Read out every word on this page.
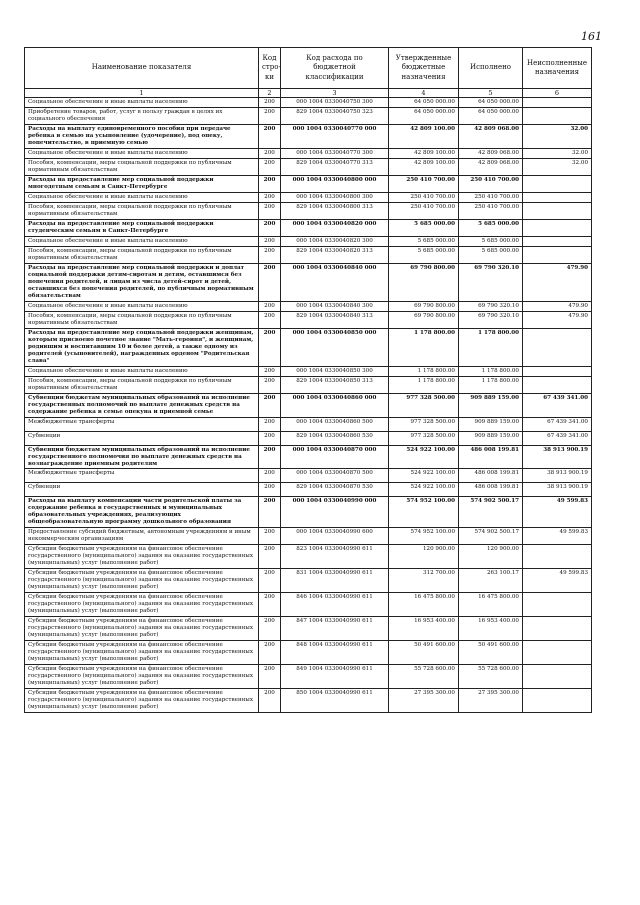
161
Наименование показателя	Код стро-ки	Код расхода по бюджетной классификации	Утвержденные бюджетные назначения	Исполнено	Неисполненные назначения
1	2	3	4	5	6
Социальное обеспечение и иные выплаты населению	200	000 1004 0330040750 300	64 050 000.00	64 050 000.00	
Приобретение товаров, работ, услуг в пользу граждан в целях их социального обеспечения	200	829 1004 0330040750 323	64 050 000.00	64 050 000.00	
Расходы на выплату единовременного пособия при передаче ребенка в семью на усыновление (удочерение), под опеку, попечительство, в приемную семью	200	000 1004 0330040770 000	42 809 100.00	42 809 068.00	32.00
Социальное обеспечение и иные выплаты населению	200	000 1004 0330040770 300	42 809 100.00	42 809 068.00	32.00
Пособия, компенсации, меры социальной поддержки по публичным нормативным обязательствам	200	829 1004 0330040770 313	42 809 100.00	42 809 068.00	32.00
Расходы на предоставление мер социальной поддержки многодетным семьям в Санкт-Петербурге	200	000 1004 0330040800 000	250 410 700.00	250 410 700.00	
Социальное обеспечение и иные выплаты населению	200	000 1004 0330040800 300	250 410 700.00	250 410 700.00	
Пособия, компенсации, меры социальной поддержки по публичным нормативным обязательствам	200	829 1004 0330040800 313	250 410 700.00	250 410 700.00	
Расходы на предоставление мер социальной поддержки студенческим семьям в Санкт-Петербурге	200	000 1004 0330040820 000	5 685 000.00	5 685 000.00	
Социальное обеспечение и иные выплаты населению	200	000 1004 0330040820 300	5 685 000.00	5 685 000.00	
Пособия, компенсации, меры социальной поддержки по публичным нормативным обязательствам	200	829 1004 0330040820 313	5 685 000.00	5 685 000.00	
Расходы на предоставление мер социальной поддержки и доплат социальной поддержки детям-сиротам и детям, оставшимся без попечения родителей, и лицам из числа детей-сирот и детей, оставшихся без попечения родителей, по публичным нормативным обязательствам	200	000 1004 0330040840 000	69 790 800.00	69 790 320.10	479.90
Социальное обеспечение и иные выплаты населению	200	000 1004 0330040840 300	69 790 800.00	69 790 320.10	479.90
Пособия, компенсации, меры социальной поддержки по публичным нормативным обязательствам	200	829 1004 0330040840 313	69 790 800.00	69 790 320.10	479.90
Расходы на предоставление мер социальной поддержки женщинам, которым присвоено почетное звание "Мать-героиня", и женщинам, родившим и воспитавшим 10 и более детей, а также одному из родителей (усыновителей), награжденных орденом "Родительская слава"	200	000 1004 0330040850 000	1 178 800.00	1 178 800.00	
Социальное обеспечение и иные выплаты населению	200	000 1004 0330040850 300	1 178 800.00	1 178 800.00	
Пособия, компенсации, меры социальной поддержки по публичным нормативным обязательствам	200	829 1004 0330040850 313	1 178 800.00	1 178 800.00	
Субвенции бюджетам муниципальных образований на исполнение государственных полномочий по выплате денежных средств на содержание ребенка в семье опекуна и приемной семье	200	000 1004 0330040860 000	977 328 500.00	909 889 159.00	67 439 341.00
Межбюджетные трансферты	200	000 1004 0330040860 500	977 328 500.00	909 889 159.00	67 439 341.00
Субвенции	200	829 1004 0330040860 530	977 328 500.00	909 889 159.00	67 439 341.00
Субвенции бюджетам муниципальных образований на исполнение государственного полномочия по выплате денежных средств на вознаграждение приемным родителям	200	000 1004 0330040870 000	524 922 100.00	486 008 199.81	38 913 900.19
Межбюджетные трансферты	200	000 1004 0330040870 500	524 922 100.00	486 008 199.81	38 913 900.19
Субвенции	200	829 1004 0330040870 530	524 922 100.00	486 008 199.81	38 913 900.19
Расходы на выплату компенсации части родительской платы за содержание ребенка в государственных и муниципальных образовательных учреждениях, реализующих общеобразовательную программу дошкольного образования	200	000 1004 0330040990 000	574 952 100.00	574 902 500.17	49 599.83
Предоставление субсидий бюджетным, автономным учреждениям и иным некоммерческим организациям	200	000 1004 0330040990 600	574 952 100.00	574 902 500.17	49 599.83
Субсидии бюджетным учреждениям на финансовое обеспечение государственного (муниципального) задания на оказание государственных (муниципальных) услуг (выполнение работ)	200	823 1004 0330040990 611	120 900.00	120 900.00	
Субсидии бюджетным учреждениям на финансовое обеспечение государственного (муниципального) задания на оказание государственных (муниципальных) услуг (выполнение работ)	200	831 1004 0330040990 611	312 700.00	263 100.17	49 599.83
Субсидии бюджетным учреждениям на финансовое обеспечение государственного (муниципального) задания на оказание государственных (муниципальных) услуг (выполнение работ)	200	846 1004 0330040990 611	16 475 800.00	16 475 800.00	
Субсидии бюджетным учреждениям на финансовое обеспечение государственного (муниципального) задания на оказание государственных (муниципальных) услуг (выполнение работ)	200	847 1004 0330040990 611	16 953 400.00	16 953 400.00	
Субсидии бюджетным учреждениям на финансовое обеспечение государственного (муниципального) задания на оказание государственных (муниципальных) услуг (выполнение работ)	200	848 1004 0330040990 611	50 491 600.00	50 491 600.00	
Субсидии бюджетным учреждениям на финансовое обеспечение государственного (муниципального) задания на оказание государственных (муниципальных) услуг (выполнение работ)	200	849 1004 0330040990 611	55 728 600.00	55 728 600.00	
Субсидии бюджетным учреждениям на финансовое обеспечение государственного (муниципального) задания на оказание государственных (муниципальных) услуг (выполнение работ)	200	850 1004 0330040990 611	27 395 300.00	27 395 300.00	
